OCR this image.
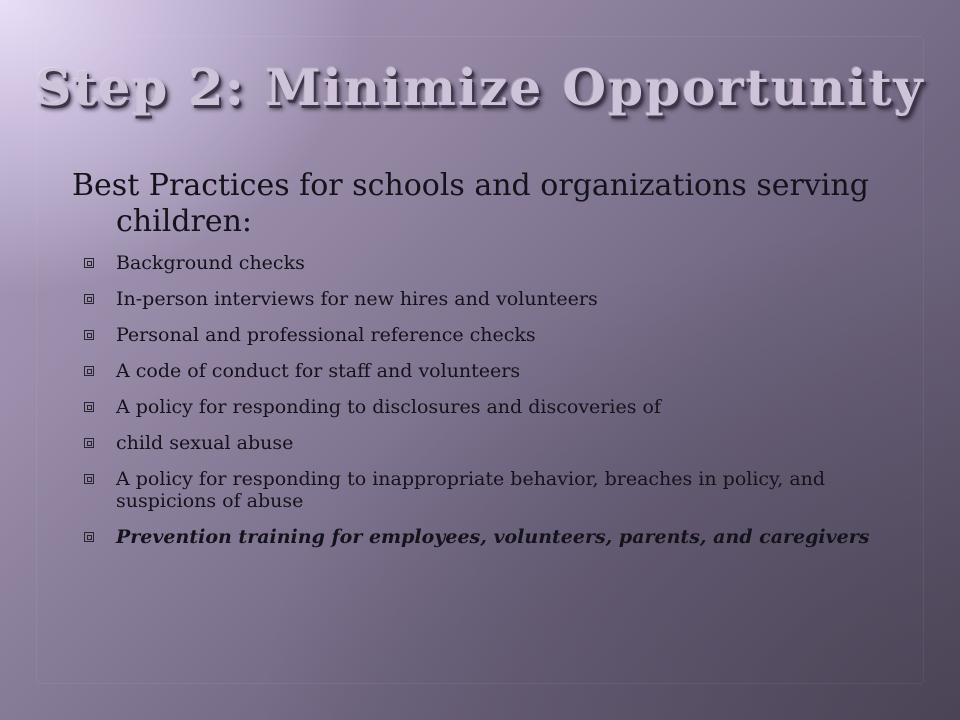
Step 2: Minimize Opportunity

Best Practices for schools and organizations serving children:

Background checks
In-person interviews for new hires and volunteers
Personal and professional reference checks
A code of conduct for staff and volunteers
A policy for responding to disclosures and discoveries of
child sexual abuse
A policy for responding to inappropriate behavior, breaches in policy, and suspicions of abuse
Prevention training for employees, volunteers, parents, and caregivers
